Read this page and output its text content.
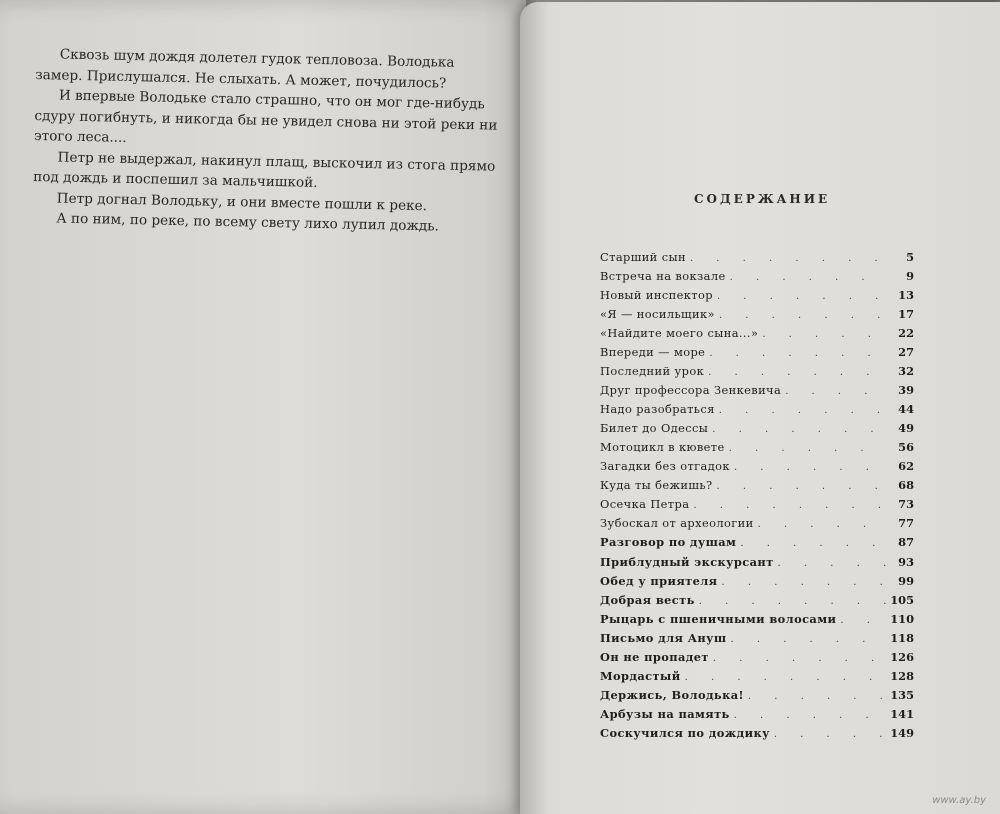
Сквозь шум дождя долетел гудок тепловоза. Володька замер. Прислушался. Не слыхать. А может, почудилось?

И впервые Володьке стало страшно, что он мог где-нибудь сдуру погибнуть, и никогда бы не увидел снова ни этой реки ни этого леса....

Петр не выдержал, накинул плащ, выскочил из стога прямо под дождь и поспешил за мальчишкой.

Петр догнал Володьку, и они вместе пошли к реке.

А по ним, по реке, по всему свету лихо лупил дождь.

СОДЕРЖАНИЕ
Старший сын . . .	5
Встреча на вокзале . . .	9
Новый инспектор . . .	13
«Я — носильщик» . . .	17
«Найдите моего сына...» . . .	22
Впереди — море . . .	27
Последний урок . . .	32
Друг профессора Зенкевича . . .	39
Надо разобраться . . .	44
Билет до Одессы . . .	49
Мотоцикл в кювете . . .	56
Загадки без отгадок . . .	62
Куда ты бежишь? . . .	68
Осечка Петра . . .	73
Зубоскал от археологии . . .	77
Разговор по душам . . .	87
Приблудный экскурсант . . .	93
Обед у приятеля . . .	99
Добрая весть . . .	105
Рыцарь с пшеничными волосами . . .	110
Письмо для Ануш . . .	118
Он не пропадет . . .	126
Мордастый . . .	128
Держись, Володька! . . .	135
Арбузы на память . . .	141
Соскучился по дождику . . .	149
www.ay.by
